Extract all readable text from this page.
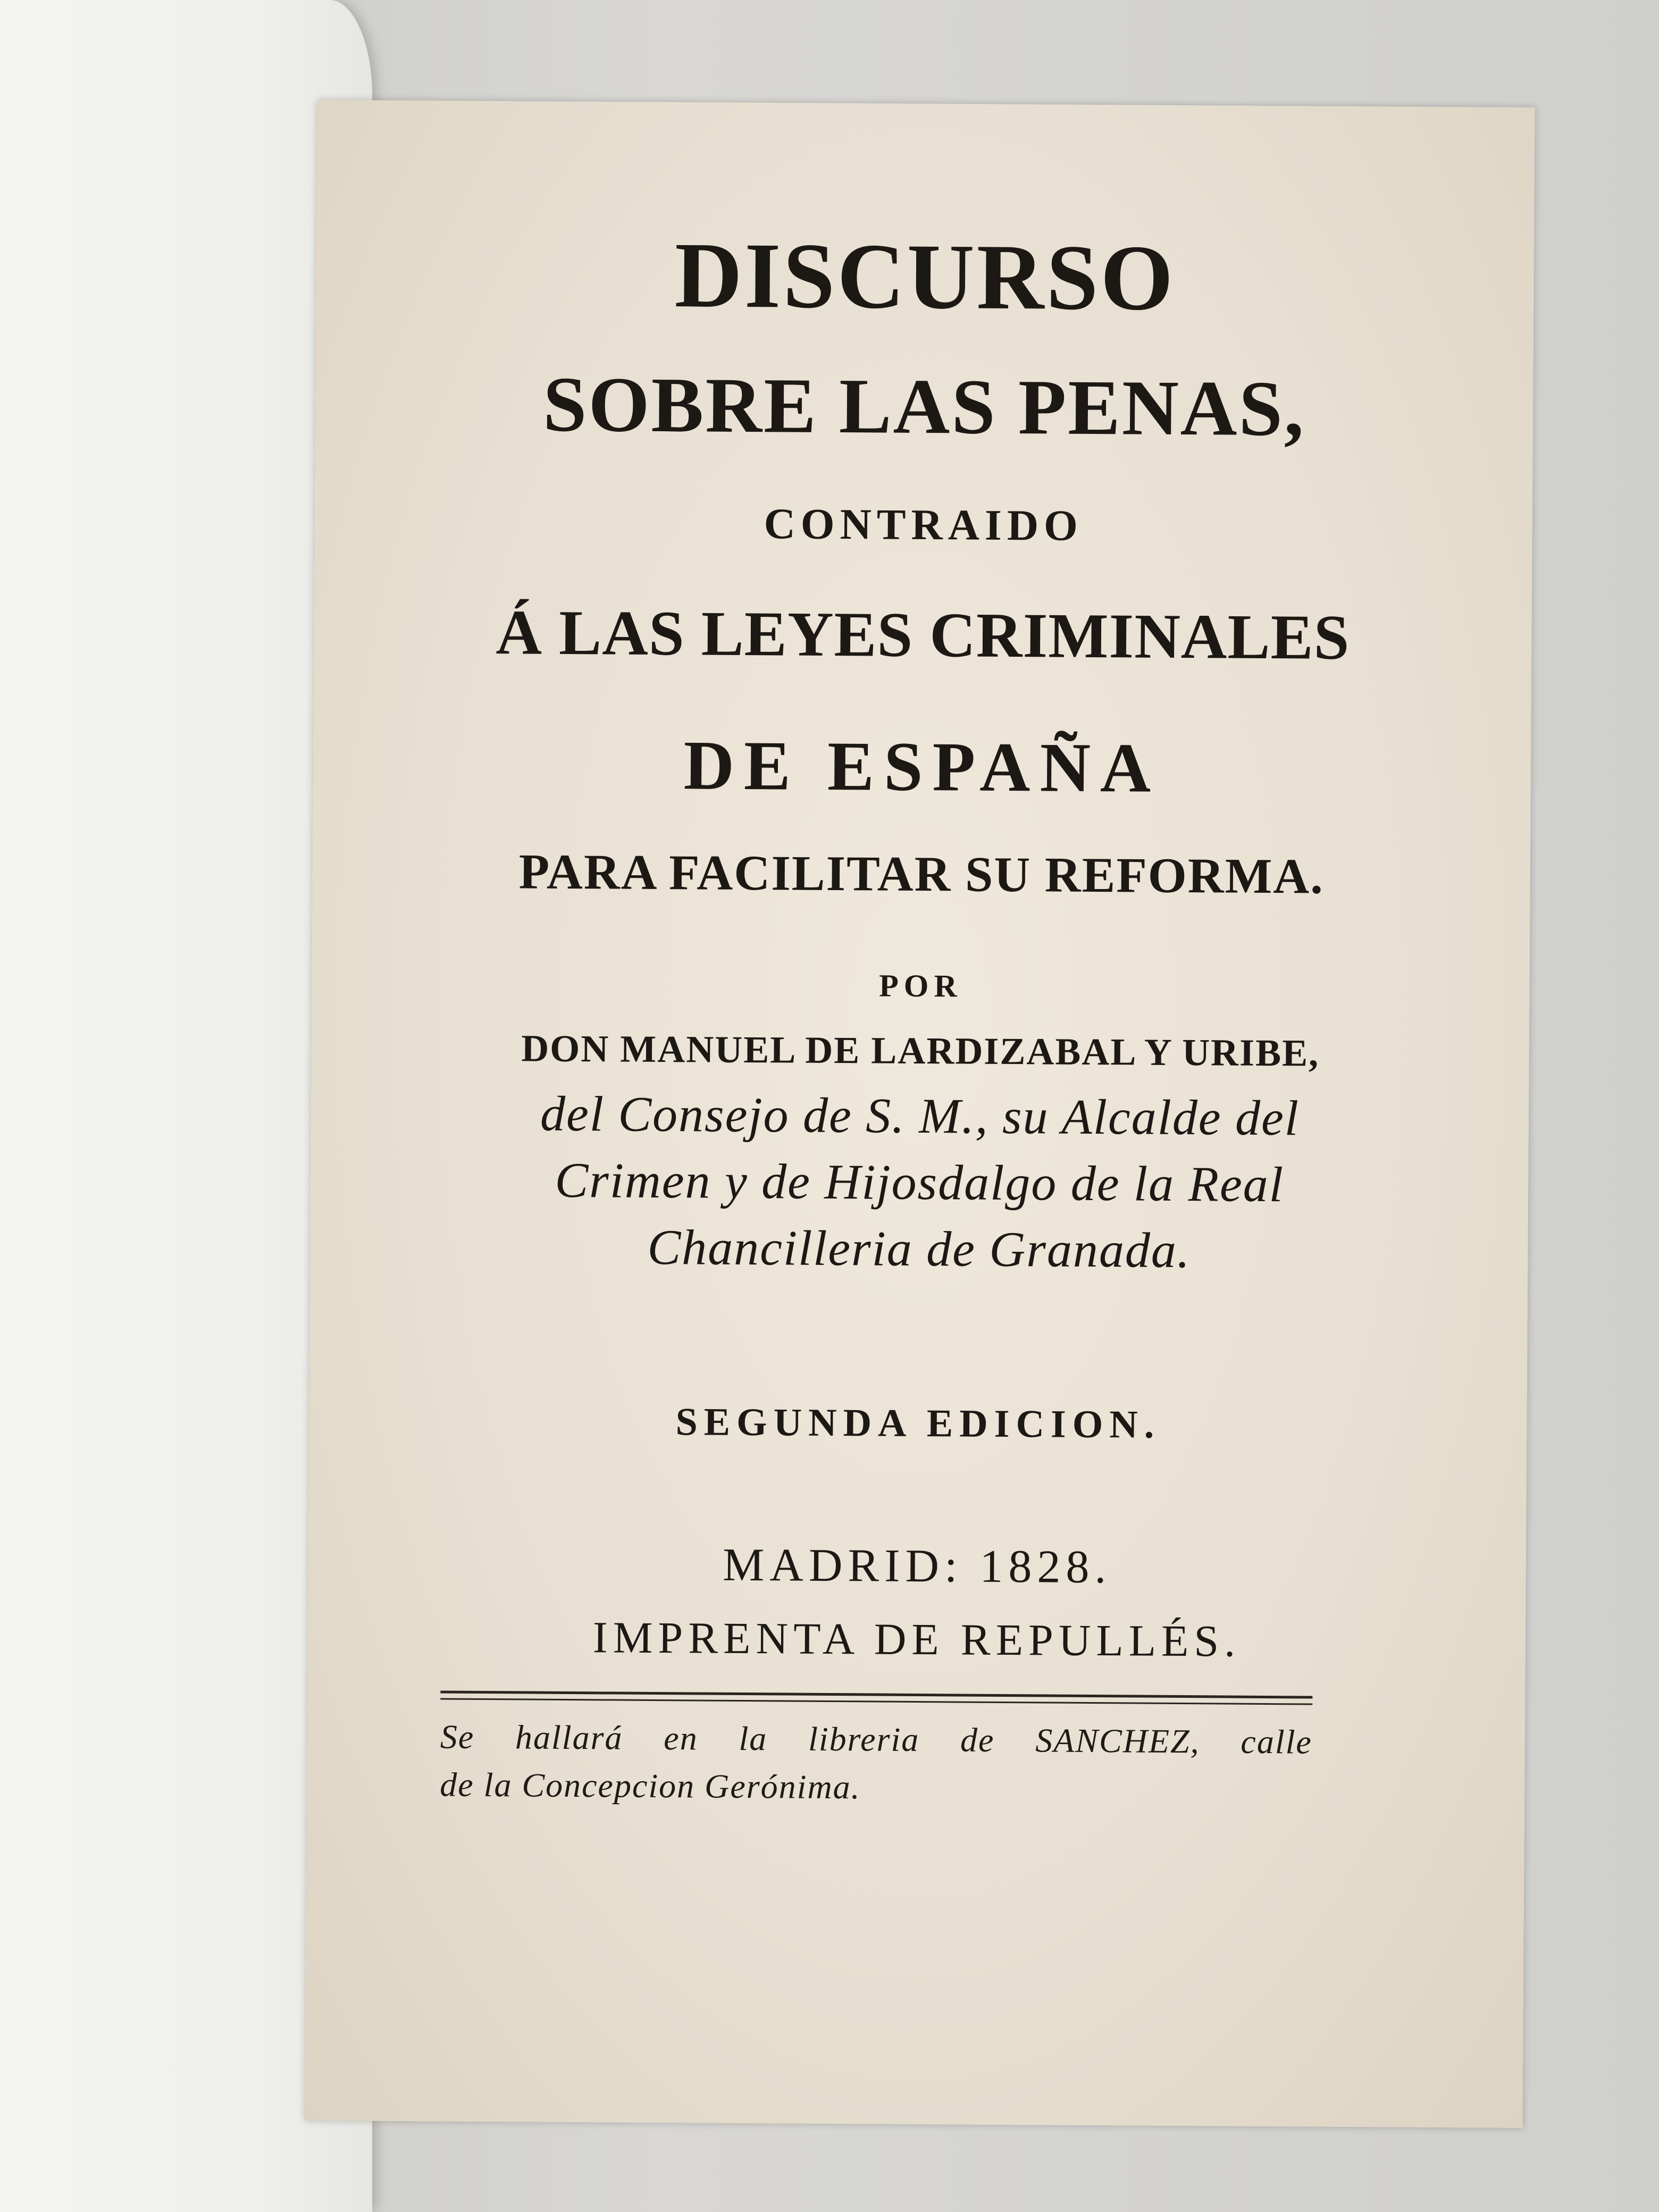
DISCURSO
SOBRE LAS PENAS,
CONTRAIDO
Á LAS LEYES CRIMINALES
DE ESPAÑA
PARA FACILITAR SU REFORMA.
POR
DON MANUEL DE LARDIZABAL Y URIBE,
del Consejo de S. M., su Alcalde del
Crimen y de Hijosdalgo de la Real
Chancilleria de Granada.
SEGUNDA EDICION.
MADRID: 1828.
IMPRENTA DE REPULLÉS.
Se hallará en la libreria de SANCHEZ, calle
de la Concepcion Gerónima.
